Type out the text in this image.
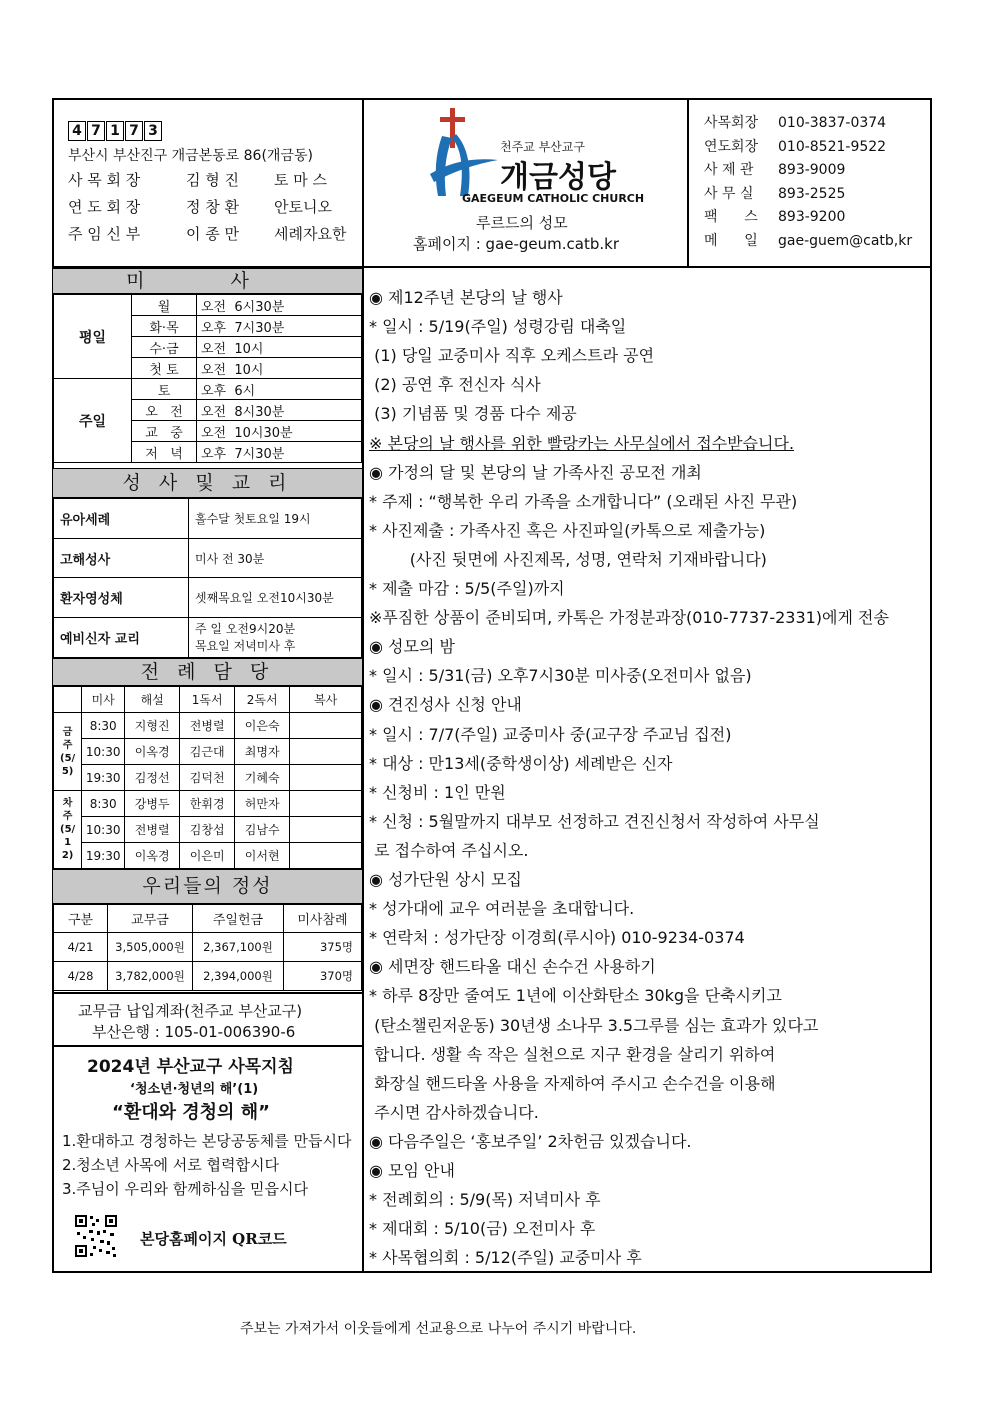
4 7 1 7 3
부산시 부산진구 개금본동로 86(개금동)
사 목 회 장	김 형 진 토 마 스
연 도 회 장	정 창 환 안토니오
주 임 신 부	이 종 만 세례자요한
천주교 부산교구
개금성당
GAEGEUM CATHOLIC CHURCH
루르드의 성모
홈페이지 : gae-geum.catb.kr
사목회장 010-3837-0374
연도회장 010-8521-9522
사 제 관 893-9009
사 무 실 893-2525
팩      스 893-9200
메      일 gae-guem@catb,kr
미 사
평일	월	오전  6시30분
	화·목	오후  7시30분
	수·금	오전  10시
	첫 토	오전  10시
주일	토	오후  6시
	오   전	오전  8시30분
	교   중	오전  10시30분
	저   녁	오후  7시30분
성 사 및 교 리
유아세례	홀수달 첫토요일 19시
고해성사	미사 전 30분
환자영성체	셋째목요일 오전10시30분
예비신자 교리	주 일 오전9시20분
목요일 저녁미사 후
전 례 담 당
	미사	해설	1독서	2독서	복사
금주(5/5)	8:30	지형진	전병렬	이은숙	
	10:30	이옥경	김근대	최명자	
	19:30	김정선	김덕천	기혜숙	
차주(5/12)	8:30	강병두	한휘경	허만자	
	10:30	전병렬	김창섭	김남수	
	19:30	이옥경	이은미	이서현	
우리들의 정성
구분	교무금	주일헌금	미사참례
4/21	3,505,000원	2,367,100원	375명
4/28	3,782,000원	2,394,000원	370명
교무금 납입계좌(천주교 부산교구)
부산은행 : 105-01-006390-6
2024년 부산교구 사목지침
‘청소년·청년의 해’(1)
“환대와 경청의 해”
1.환대하고 경청하는 본당공동체를 만듭시다
2.청소년 사목에 서로 협력합시다
3.주님이 우리와 함께하심을 믿읍시다
본당홈페이지 QR코드
◉ 제12주년 본당의 날 행사
* 일시 : 5/19(주일) 성령강림 대축일
(1) 당일 교중미사 직후 오케스트라 공연
(2) 공연 후 전신자 식사
(3) 기념품 및 경품 다수 제공
※ 본당의 날 행사를 위한 빨랑카는 사무실에서 접수받습니다.
◉ 가정의 달 및 본당의 날 가족사진 공모전 개최
* 주제 : “행복한 우리 가족을 소개합니다” (오래된 사진 무관)
* 사진제출 : 가족사진 혹은 사진파일(카톡으로 제출가능)
(사진 뒷면에 사진제목, 성명, 연락처 기재바랍니다)
* 제출 마감 : 5/5(주일)까지
※푸짐한 상품이 준비되며, 카톡은 가정분과장(010-7737-2331)에게 전송
◉ 성모의 밤
* 일시 : 5/31(금) 오후7시30분 미사중(오전미사 없음)
◉ 견진성사 신청 안내
* 일시 : 7/7(주일) 교중미사 중(교구장 주교님 집전)
* 대상 : 만13세(중학생이상) 세례받은 신자
* 신청비 : 1인 만원
* 신청 : 5월말까지 대부모 선정하고 견진신청서 작성하여 사무실
로 접수하여 주십시오.
◉ 성가단원 상시 모집
* 성가대에 교우 여러분을 초대합니다.
* 연락처 : 성가단장 이경희(루시아) 010-9234-0374
◉ 세면장 핸드타올 대신 손수건 사용하기
* 하루 8장만 줄여도 1년에 이산화탄소 30kg을 단축시키고
(탄소챌린저운동) 30년생 소나무 3.5그루를 심는 효과가 있다고
합니다. 생활 속 작은 실천으로 지구 환경을 살리기 위하여
화장실 핸드타올 사용을 자제하여 주시고 손수건을 이용해
주시면 감사하겠습니다.
◉ 다음주일은 ‘홍보주일’ 2차헌금 있겠습니다.
◉ 모임 안내
* 전례회의 : 5/9(목) 저녁미사 후
* 제대회 : 5/10(금) 오전미사 후
* 사목협의회 : 5/12(주일) 교중미사 후
주보는 가져가서 이웃들에게 선교용으로 나누어 주시기 바랍니다.
